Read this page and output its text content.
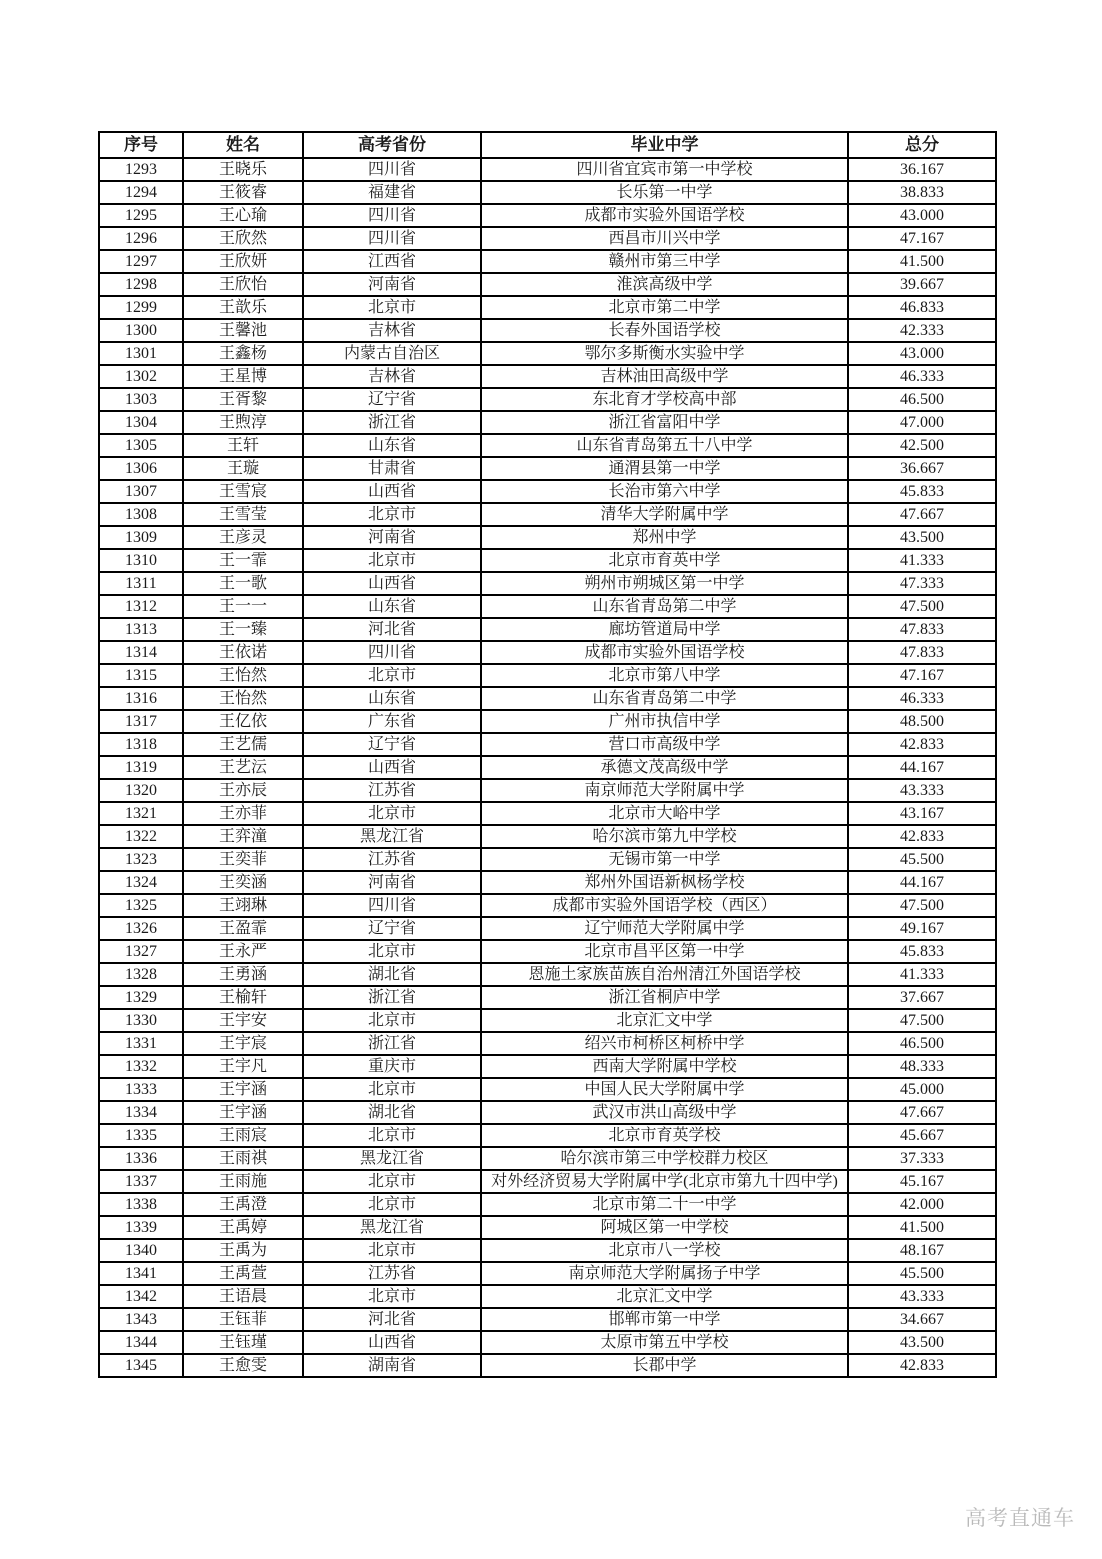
序号	姓名	高考省份	毕业中学	总分
1293	王晓乐	四川省	四川省宜宾市第一中学校	36.167
1294	王筱睿	福建省	长乐第一中学	38.833
1295	王心瑜	四川省	成都市实验外国语学校	43.000
1296	王欣然	四川省	西昌市川兴中学	47.167
1297	王欣妍	江西省	赣州市第三中学	41.500
1298	王欣怡	河南省	淮滨高级中学	39.667
1299	王歆乐	北京市	北京市第二中学	46.833
1300	王馨池	吉林省	长春外国语学校	42.333
1301	王鑫杨	内蒙古自治区	鄂尔多斯衡水实验中学	43.000
1302	王星博	吉林省	吉林油田高级中学	46.333
1303	王胥黎	辽宁省	东北育才学校高中部	46.500
1304	王煦淳	浙江省	浙江省富阳中学	47.000
1305	王轩	山东省	山东省青岛第五十八中学	42.500
1306	王璇	甘肃省	通渭县第一中学	36.667
1307	王雪宸	山西省	长治市第六中学	45.833
1308	王雪莹	北京市	清华大学附属中学	47.667
1309	王彦灵	河南省	郑州中学	43.500
1310	王一霏	北京市	北京市育英中学	41.333
1311	王一歌	山西省	朔州市朔城区第一中学	47.333
1312	王一一	山东省	山东省青岛第二中学	47.500
1313	王一臻	河北省	廊坊管道局中学	47.833
1314	王依诺	四川省	成都市实验外国语学校	47.833
1315	王怡然	北京市	北京市第八中学	47.167
1316	王怡然	山东省	山东省青岛第二中学	46.333
1317	王亿依	广东省	广州市执信中学	48.500
1318	王艺儒	辽宁省	营口市高级中学	42.833
1319	王艺沄	山西省	承德文茂高级中学	44.167
1320	王亦辰	江苏省	南京师范大学附属中学	43.333
1321	王亦菲	北京市	北京市大峪中学	43.167
1322	王弈潼	黑龙江省	哈尔滨市第九中学校	42.833
1323	王奕菲	江苏省	无锡市第一中学	45.500
1324	王奕涵	河南省	郑州外国语新枫杨学校	44.167
1325	王翊琳	四川省	成都市实验外国语学校（西区）	47.500
1326	王盈霏	辽宁省	辽宁师范大学附属中学	49.167
1327	王永严	北京市	北京市昌平区第一中学	45.833
1328	王勇涵	湖北省	恩施土家族苗族自治州清江外国语学校	41.333
1329	王榆轩	浙江省	浙江省桐庐中学	37.667
1330	王宇安	北京市	北京汇文中学	47.500
1331	王宇宸	浙江省	绍兴市柯桥区柯桥中学	46.500
1332	王宇凡	重庆市	西南大学附属中学校	48.333
1333	王宇涵	北京市	中国人民大学附属中学	45.000
1334	王宇涵	湖北省	武汉市洪山高级中学	47.667
1335	王雨宸	北京市	北京市育英学校	45.667
1336	王雨祺	黑龙江省	哈尔滨市第三中学校群力校区	37.333
1337	王雨施	北京市	对外经济贸易大学附属中学(北京市第九十四中学)	45.167
1338	王禹澄	北京市	北京市第二十一中学	42.000
1339	王禹婷	黑龙江省	阿城区第一中学校	41.500
1340	王禹为	北京市	北京市八一学校	48.167
1341	王禹萱	江苏省	南京师范大学附属扬子中学	45.500
1342	王语晨	北京市	北京汇文中学	43.333
1343	王钰菲	河北省	邯郸市第一中学	34.667
1344	王钰瑾	山西省	太原市第五中学校	43.500
1345	王愈雯	湖南省	长郡中学	42.833
高考直通车
